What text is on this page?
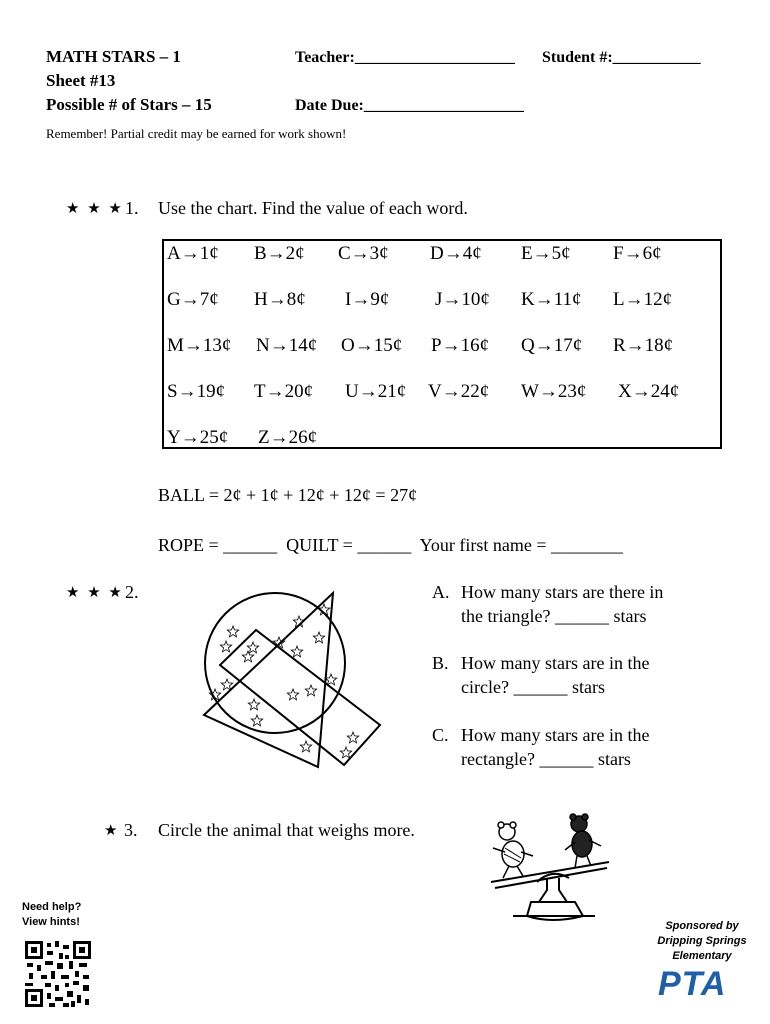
MATH STARS – 1
Sheet #13
Possible # of Stars – 15
Teacher:____________________ Student #:___________
Date Due:____________________
Remember! Partial credit may be earned for work shown!
★ ★ ★ 1. Use the chart. Find the value of each word.
A→1¢ B→2¢ C→3¢ D→4¢ E→5¢ F→6¢
G→7¢ H→8¢ I→9¢ J→10¢ K→11¢ L→12¢
M→13¢ N→14¢ O→15¢ P→16¢ Q→17¢ R→18¢
S→19¢ T→20¢ U→21¢ V→22¢ W→23¢ X→24¢
Y→25¢ Z→26¢
BALL = 2¢ + 1¢ + 12¢ + 12¢ = 27¢
ROPE = ______  QUILT = ______  Your first name = ________
★ ★ ★ 2.	A. How many stars are there in
the triangle? ______ stars
B. How many stars are in the
circle? ______ stars
C. How many stars are in the
rectangle? ______ stars
★ 3. Circle the animal that weighs more.
Need help?
View hints!	Sponsored by
Dripping Springs
Elementary
PTA
